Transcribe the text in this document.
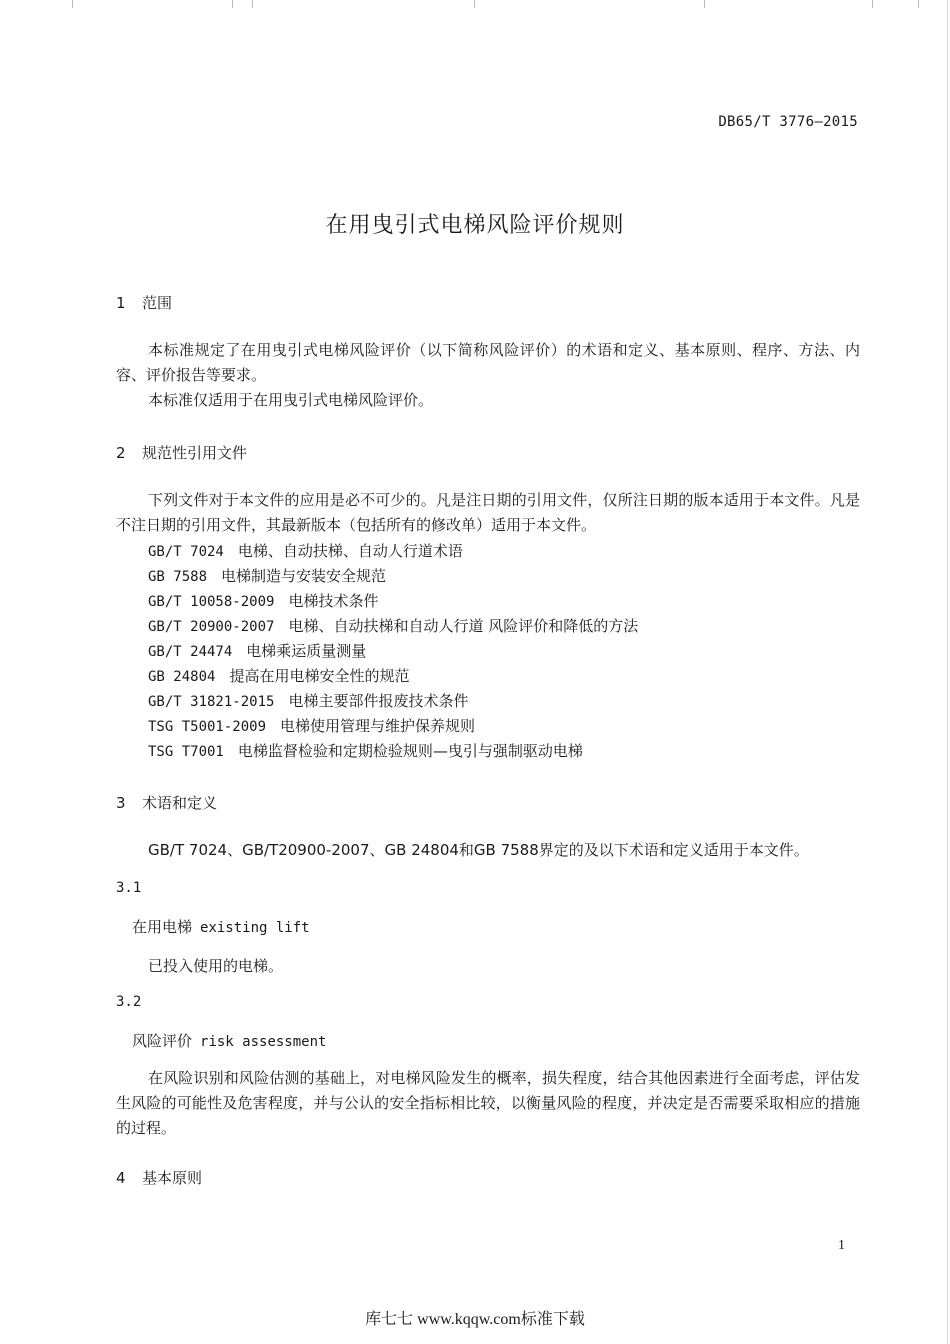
DB65/T 3776—2015
在用曳引式电梯风险评价规则
1 范围
本标准规定了在用曳引式电梯风险评价（以下简称风险评价）的术语和定义、基本原则、程序、方法、内容、评价报告等要求。
本标准仅适用于在用曳引式电梯风险评价。
2 规范性引用文件
下列文件对于本文件的应用是必不可少的。凡是注日期的引用文件，仅所注日期的版本适用于本文件。凡是不注日期的引用文件，其最新版本（包括所有的修改单）适用于本文件。
GB/T 7024 电梯、自动扶梯、自动人行道术语
GB 7588 电梯制造与安装安全规范
GB/T 10058-2009 电梯技术条件
GB/T 20900-2007 电梯、自动扶梯和自动人行道 风险评价和降低的方法
GB/T 24474 电梯乘运质量测量
GB 24804 提高在用电梯安全性的规范
GB/T 31821-2015 电梯主要部件报废技术条件
TSG T5001-2009 电梯使用管理与维护保养规则
TSG T7001 电梯监督检验和定期检验规则—曳引与强制驱动电梯
3 术语和定义
GB/T 7024、GB/T20900-2007、GB 24804和GB 7588界定的及以下术语和定义适用于本文件。
3.1
在用电梯 existing lift
已投入使用的电梯。
3.2
风险评价 risk assessment
在风险识别和风险估测的基础上，对电梯风险发生的概率，损失程度，结合其他因素进行全面考虑，评估发生风险的可能性及危害程度，并与公认的安全指标相比较，以衡量风险的程度，并决定是否需要采取相应的措施的过程。
4 基本原则
1
库七七 www.kqqw.com标准下载
